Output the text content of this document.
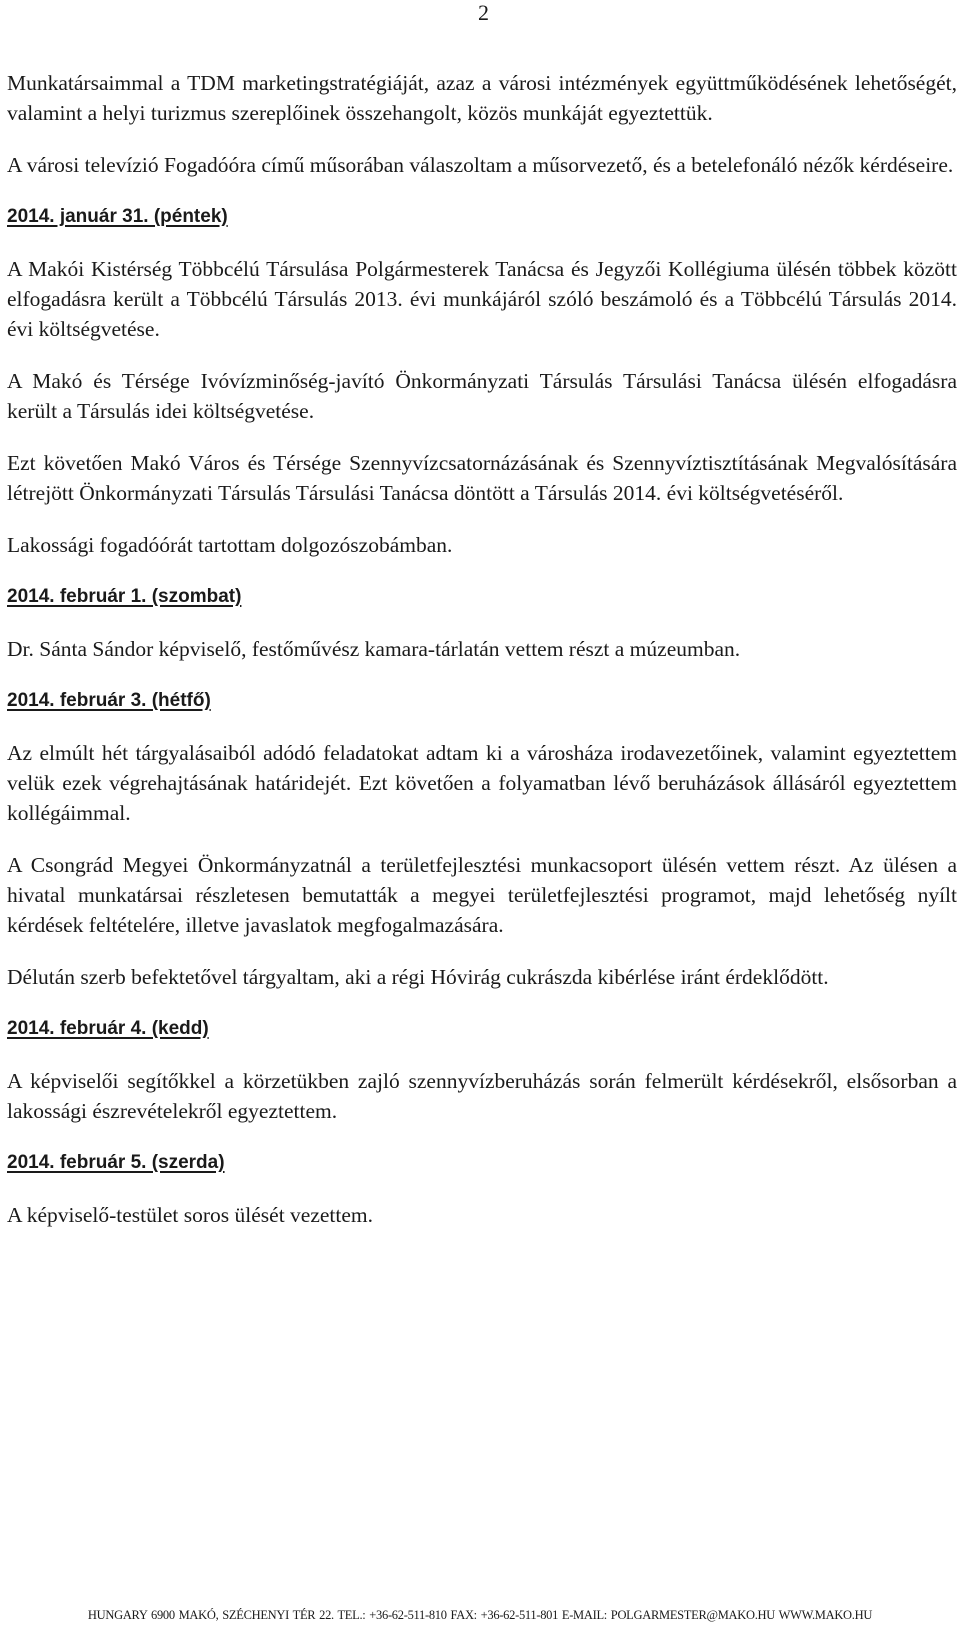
2

Munkatársaimmal a TDM marketingstratégiáját, azaz a városi intézmények együttműködésének lehetőségét, valamint a helyi turizmus szereplőinek összehangolt, közös munkáját egyeztettük.

A városi televízió Fogadóóra című műsorában válaszoltam a műsorvezető, és a betelefonáló nézők kérdéseire.

2014. január 31. (péntek)

A Makói Kistérség Többcélú Társulása Polgármesterek Tanácsa és Jegyzői Kollégiuma ülésén többek között elfogadásra került a Többcélú Társulás 2013. évi munkájáról szóló beszámoló és a Többcélú Társulás 2014. évi költségvetése.

A Makó és Térsége Ivóvízminőség-javító Önkormányzati Társulás Társulási Tanácsa ülésén elfogadásra került a Társulás idei költségvetése.

Ezt követően Makó Város és Térsége Szennyvízcsatornázásának és Szennyvíztisztításának Megvalósítására létrejött Önkormányzati Társulás Társulási Tanácsa döntött a Társulás 2014. évi költségvetéséről.

Lakossági fogadóórát tartottam dolgozószobámban.

2014. február 1. (szombat)

Dr. Sánta Sándor képviselő, festőművész kamara-tárlatán vettem részt a múzeumban.

2014. február 3. (hétfő)

Az elmúlt hét tárgyalásaiból adódó feladatokat adtam ki a városháza irodavezetőinek, valamint egyeztettem velük ezek végrehajtásának határidejét. Ezt követően a folyamatban lévő beruházások állásáról egyeztettem kollégáimmal.

A Csongrád Megyei Önkormányzatnál a területfejlesztési munkacsoport ülésén vettem részt. Az ülésen a hivatal munkatársai részletesen bemutatták a megyei területfejlesztési programot, majd lehetőség nyílt kérdések feltételére, illetve javaslatok megfogalmazására.

Délután szerb befektetővel tárgyaltam, aki a régi Hóvirág cukrászda kibérlése iránt érdeklődött.

2014. február 4. (kedd)

A képviselői segítőkkel a körzetükben zajló szennyvízberuházás során felmerült kérdésekről, elsősorban a lakossági észrevételekről egyeztettem.

2014. február 5. (szerda)

A képviselő-testület soros ülését vezettem.

HUNGARY 6900 MAKÓ, SZÉCHENYI TÉR 22. TEL.: +36-62-511-810 FAX: +36-62-511-801 E-MAIL: POLGARMESTER@MAKO.HU WWW.MAKO.HU
